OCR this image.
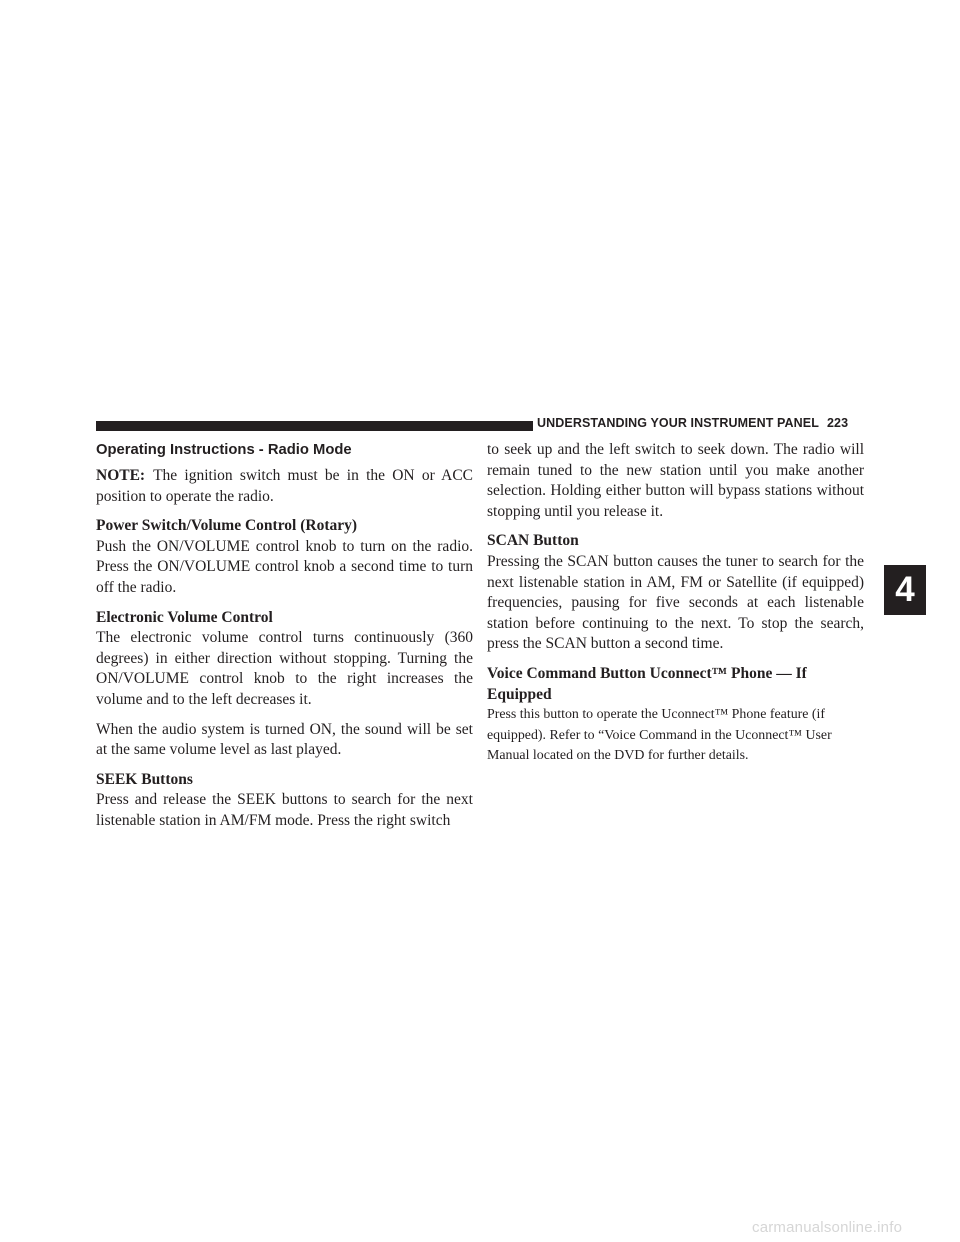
UNDERSTANDING YOUR INSTRUMENT PANEL 223
4
Operating Instructions - Radio Mode

NOTE: The ignition switch must be in the ON or ACC position to operate the radio.

Power Switch/Volume Control (Rotary)

Push the ON/VOLUME control knob to turn on the radio. Press the ON/VOLUME control knob a second time to turn off the radio.

Electronic Volume Control

The electronic volume control turns continuously (360 degrees) in either direction without stopping. Turning the ON/VOLUME control knob to the right increases the volume and to the left decreases it.

When the audio system is turned ON, the sound will be set at the same volume level as last played.

SEEK Buttons

Press and release the SEEK buttons to search for the next listenable station in AM/FM mode. Press the right switch

to seek up and the left switch to seek down. The radio will remain tuned to the new station until you make another selection. Holding either button will bypass stations without stopping until you release it.

SCAN Button

Pressing the SCAN button causes the tuner to search for the next listenable station in AM, FM or Satellite (if equipped) frequencies, pausing for five seconds at each listenable station before continuing to the next. To stop the search, press the SCAN button a second time.

Voice Command Button Uconnect™ Phone — If Equipped

Press this button to operate the Uconnect™ Phone feature (if equipped). Refer to “Voice Command in the Uconnect™ User Manual located on the DVD for further details.

carmanualsonline.info
